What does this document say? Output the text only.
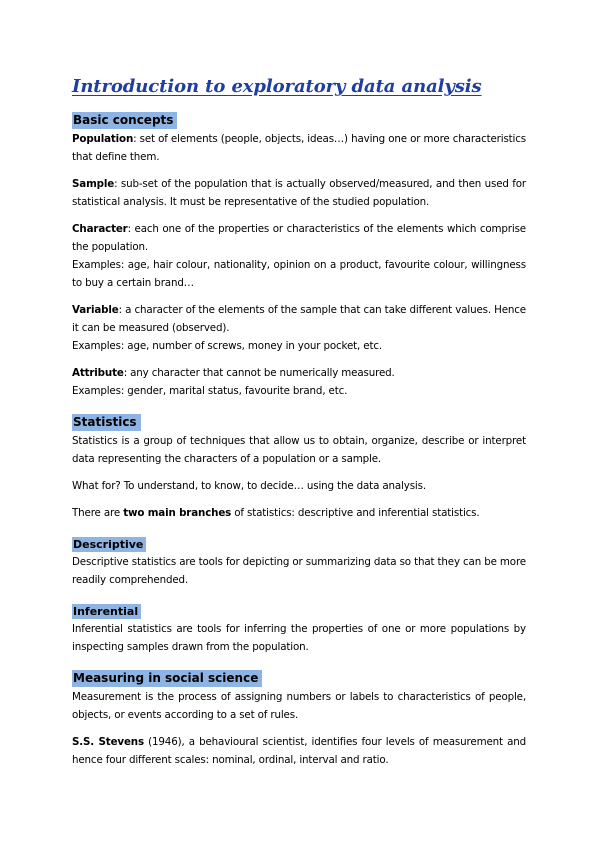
Introduction to exploratory data analysis
Basic concepts

Population: set of elements (people, objects, ideas…) having one or more characteristics that define them.

Sample: sub-set of the population that is actually observed/measured, and then used for statistical analysis. It must be representative of the studied population.

Character: each one of the properties or characteristics of the elements which comprise the population.

Examples: age, hair colour, nationality, opinion on a product, favourite colour, willingness to buy a certain brand…

Variable: a character of the elements of the sample that can take different values. Hence it can be measured (observed).

Examples: age, number of screws, money in your pocket, etc.

Attribute: any character that cannot be numerically measured.

Examples: gender, marital status, favourite brand, etc.

Statistics

Statistics is a group of techniques that allow us to obtain, organize, describe or interpret data representing the characters of a population or a sample.

What for? To understand, to know, to decide… using the data analysis.

There are two main branches of statistics: descriptive and inferential statistics.

Descriptive

Descriptive statistics are tools for depicting or summarizing data so that they can be more readily comprehended.

Inferential

Inferential statistics are tools for inferring the properties of one or more populations by inspecting samples drawn from the population.

Measuring in social science

Measurement is the process of assigning numbers or labels to characteristics of people, objects, or events according to a set of rules.

S.S. Stevens (1946), a behavioural scientist, identifies four levels of measurement and hence four different scales: nominal, ordinal, interval and ratio.
